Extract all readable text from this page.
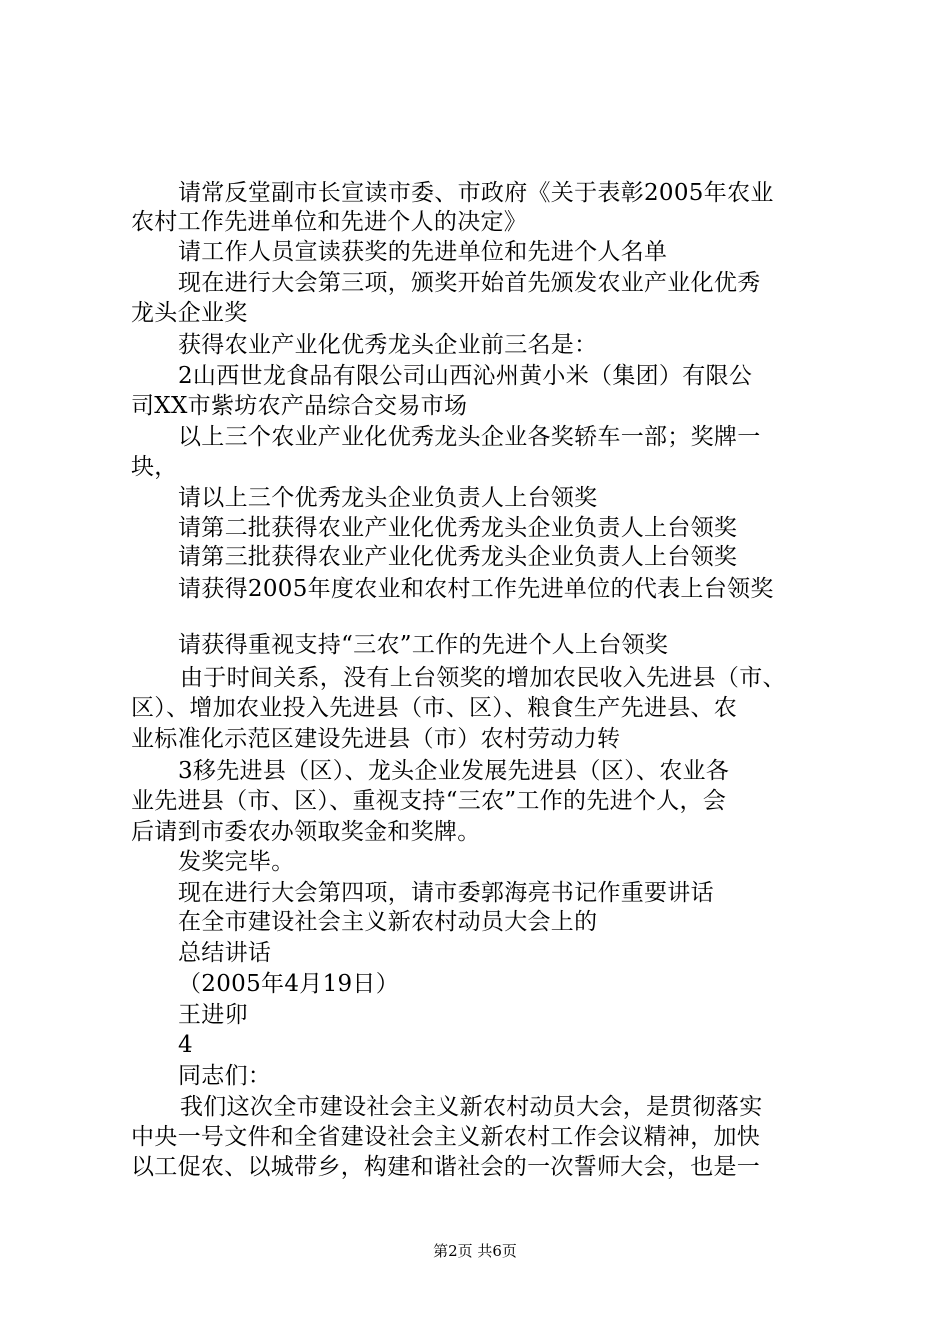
请常反堂副市长宣读市委、市政府《关于表彰2005年农业
农村工作先进单位和先进个人的决定》
请工作人员宣读获奖的先进单位和先进个人名单
现在进行大会第三项，颁奖开始首先颁发农业产业化优秀
龙头企业奖
获得农业产业化优秀龙头企业前三名是：
2山西世龙食品有限公司山西沁州黄小米（集团）有限公
司XX市紫坊农产品综合交易市场
以上三个农业产业化优秀龙头企业各奖轿车一部；奖牌一
块，
请以上三个优秀龙头企业负责人上台领奖
请第二批获得农业产业化优秀龙头企业负责人上台领奖
请第三批获得农业产业化优秀龙头企业负责人上台领奖
请获得2005年度农业和农村工作先进单位的代表上台领奖
请获得重视支持“三农”工作的先进个人上台领奖
由于时间关系，没有上台领奖的增加农民收入先进县（市、
区）、增加农业投入先进县（市、区）、粮食生产先进县、农
业标准化示范区建设先进县（市）农村劳动力转
3移先进县（区）、龙头企业发展先进县（区）、农业各
业先进县（市、区）、重视支持“三农”工作的先进个人，会
后请到市委农办领取奖金和奖牌。
发奖完毕。
现在进行大会第四项，请市委郭海亮书记作重要讲话
在全市建设社会主义新农村动员大会上的
总结讲话
（2005年4月19日）
王进卯
4
同志们：
我们这次全市建设社会主义新农村动员大会，是贯彻落实
中央一号文件和全省建设社会主义新农村工作会议精神，加快
以工促农、以城带乡，构建和谐社会的一次誓师大会，也是一
第2页 共6页
